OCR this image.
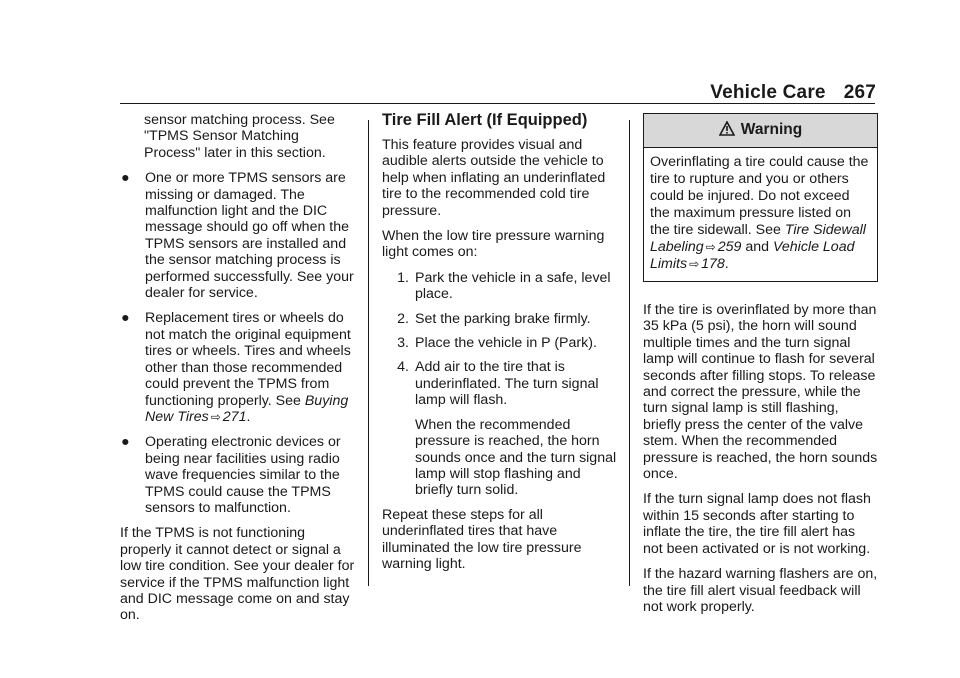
Vehicle Care 267

sensor matching process. See "TPMS Sensor Matching Process" later in this section.

●	One or more TPMS sensors are missing or damaged. The malfunction light and the DIC message should go off when the TPMS sensors are installed and the sensor matching process is performed successfully. See your dealer for service.
●	Replacement tires or wheels do not match the original equipment tires or wheels. Tires and wheels other than those recommended could prevent the TPMS from functioning properly. See Buying New Tires ⇨ 271.
●	Operating electronic devices or being near facilities using radio wave frequencies similar to the TPMS could cause the TPMS sensors to malfunction.

If the TPMS is not functioning properly it cannot detect or signal a low tire condition. See your dealer for service if the TPMS malfunction light and DIC message come on and stay on.

Tire Fill Alert (If Equipped)

This feature provides visual and audible alerts outside the vehicle to help when inflating an underinflated tire to the recommended cold tire pressure.

When the low tire pressure warning light comes on:

1. Park the vehicle in a safe, level place.
2. Set the parking brake firmly.
3. Place the vehicle in P (Park).
4. Add air to the tire that is underinflated. The turn signal lamp will flash.
When the recommended pressure is reached, the horn sounds once and the turn signal lamp will stop flashing and briefly turn solid.

Repeat these steps for all underinflated tires that have illuminated the low tire pressure warning light.

Warning
Overinflating a tire could cause the tire to rupture and you or others could be injured. Do not exceed the maximum pressure listed on the tire sidewall. See Tire Sidewall Labeling ⇨ 259 and Vehicle Load Limits ⇨ 178.

If the tire is overinflated by more than 35 kPa (5 psi), the horn will sound multiple times and the turn signal lamp will continue to flash for several seconds after filling stops. To release and correct the pressure, while the turn signal lamp is still flashing, briefly press the center of the valve stem. When the recommended pressure is reached, the horn sounds once.

If the turn signal lamp does not flash within 15 seconds after starting to inflate the tire, the tire fill alert has not been activated or is not working.

If the hazard warning flashers are on, the tire fill alert visual feedback will not work properly.
